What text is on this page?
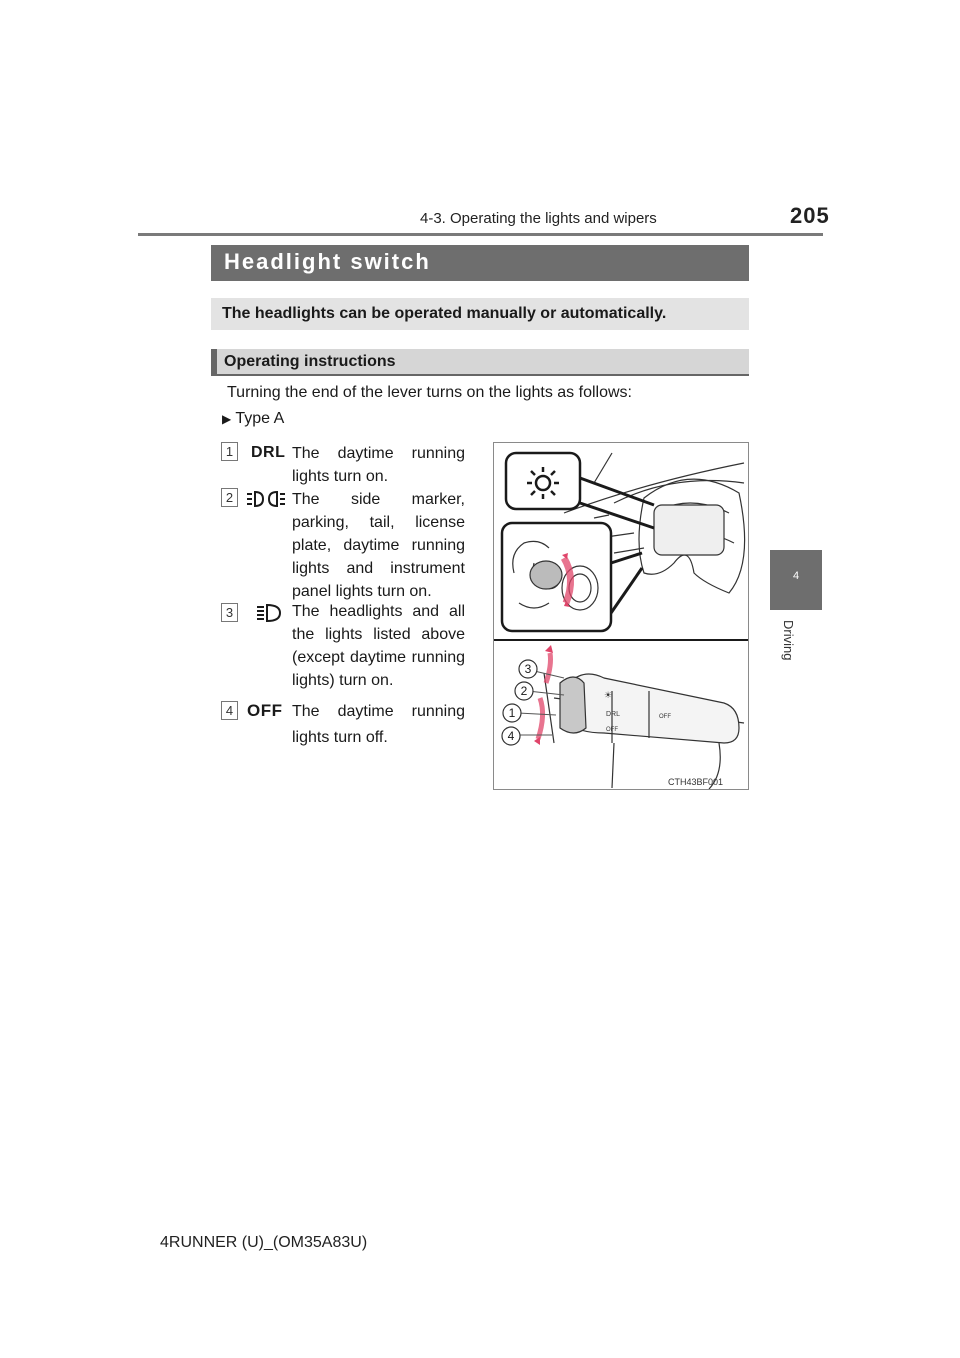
4-3. Operating the lights and wipers	205
4
Driving
Headlight switch
The headlights can be operated manually or automatically.
Operating instructions
Turning the end of the lever turns on the lights as follows:
▶ Type A
1	DRL The daytime running lights turn on.
2	The side marker, parking, tail, license plate, daytime running lights and instrument panel lights turn on.
3	The headlights and all the lights listed above (except daytime running lights) turn on.
4 OFF The daytime running lights turn off.
☀
DRL
OFF
OFF
3
2
1
4
CTH43BF001
4RUNNER (U)_(OM35A83U)
